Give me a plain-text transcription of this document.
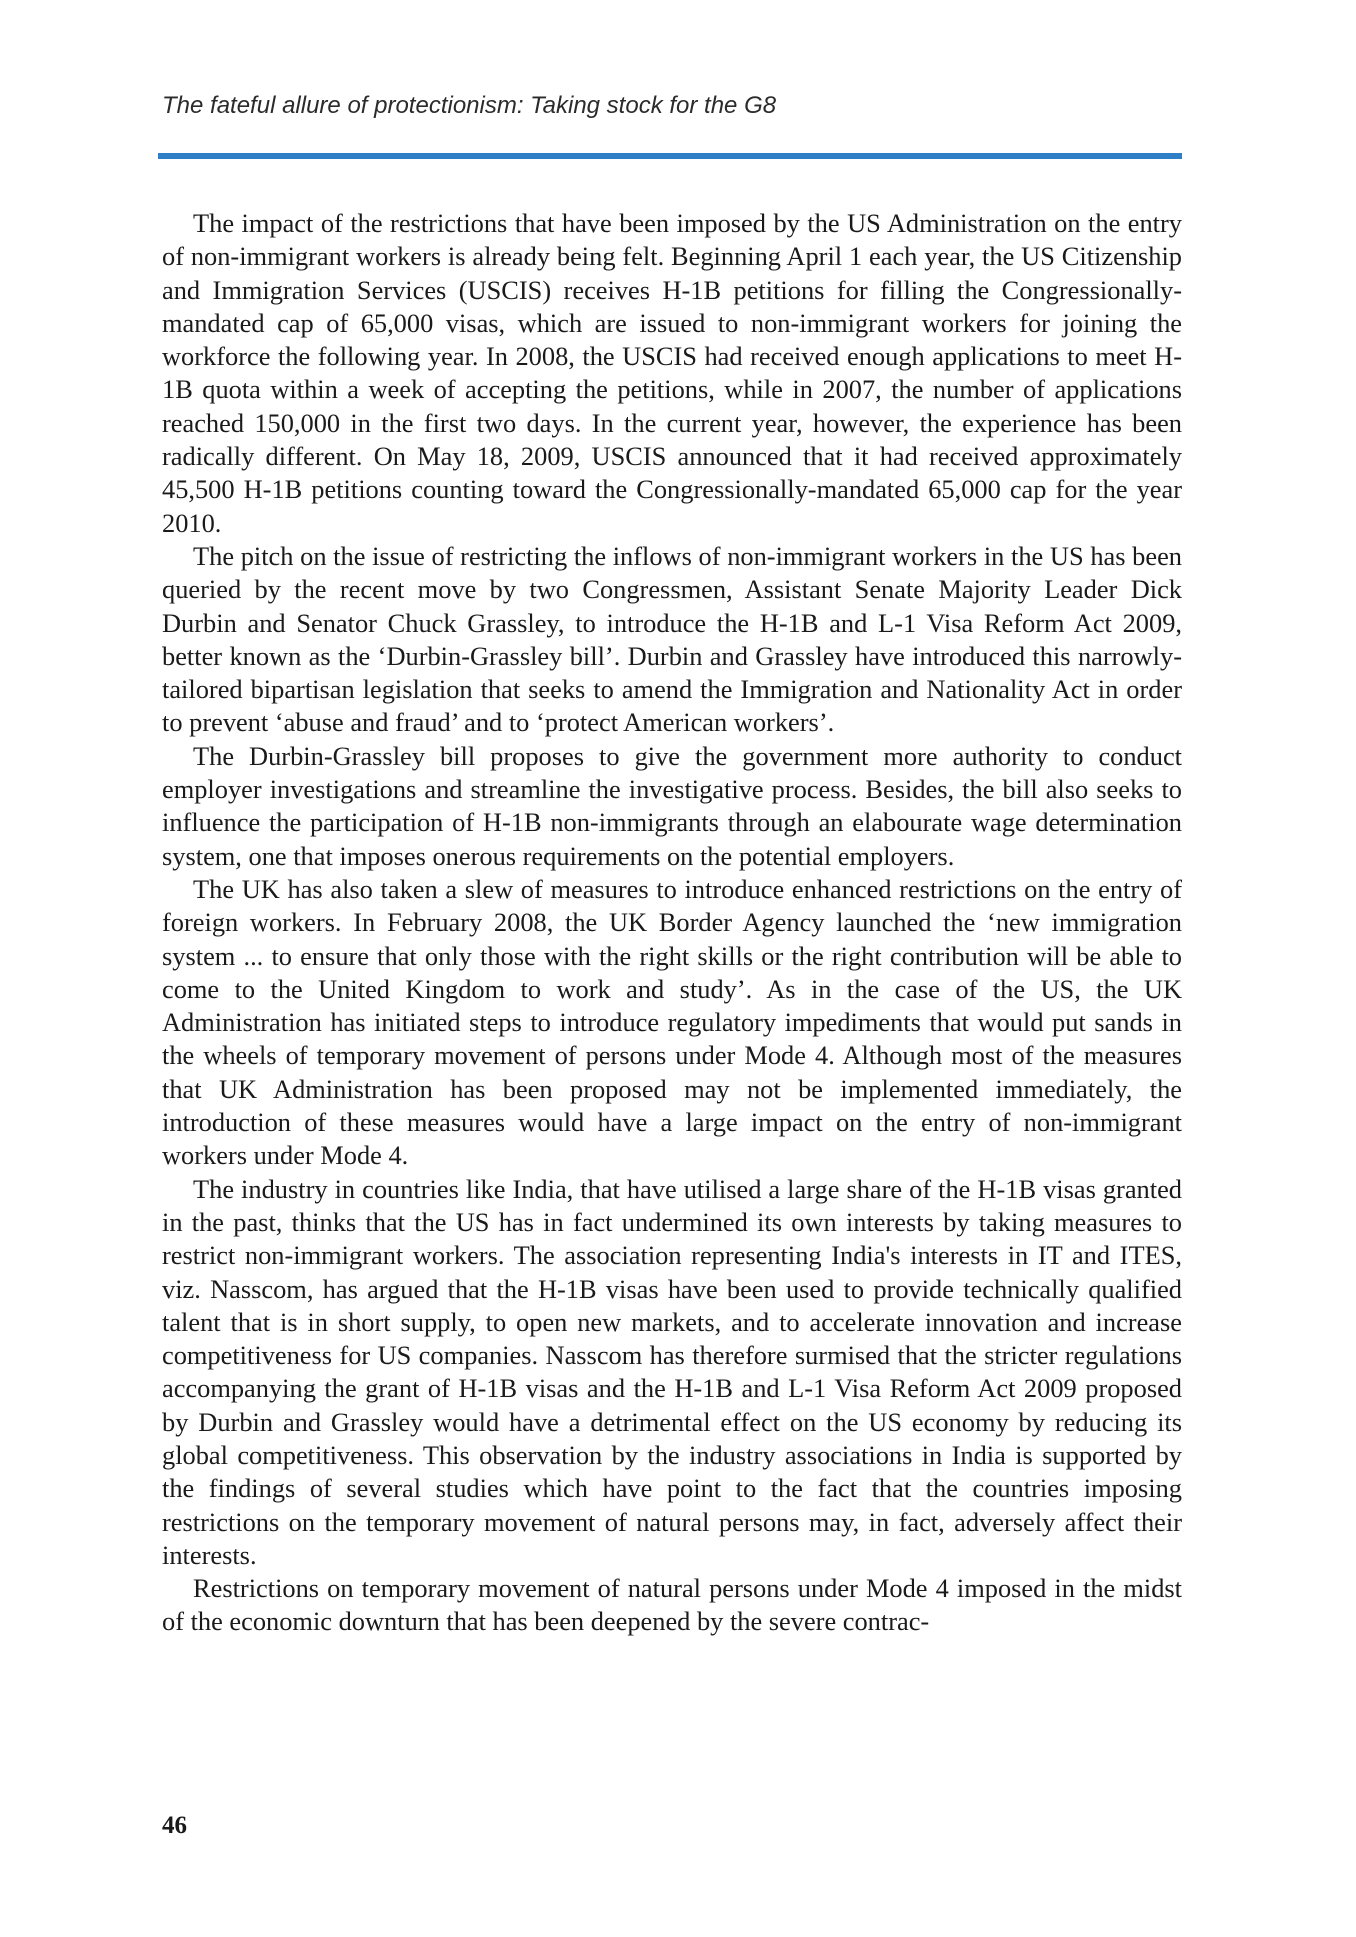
The fateful allure of protectionism: Taking stock for the G8

The impact of the restrictions that have been imposed by the US Administration on the entry of non-immigrant workers is already being felt. Beginning April 1 each year, the US Citizenship and Immigration Services (USCIS) receives H-1B petitions for filling the Congressionally-mandated cap of 65,000 visas, which are issued to non-immigrant workers for joining the workforce the following year. In 2008, the USCIS had received enough applications to meet H-1B quota within a week of accepting the petitions, while in 2007, the number of applications reached 150,000 in the first two days. In the current year, however, the experience has been radically different. On May 18, 2009, USCIS announced that it had received approximately 45,500 H-1B petitions counting toward the Congressionally-mandated 65,000 cap for the year 2010.

The pitch on the issue of restricting the inflows of non-immigrant workers in the US has been queried by the recent move by two Congressmen, Assistant Senate Majority Leader Dick Durbin and Senator Chuck Grassley, to introduce the H-1B and L-1 Visa Reform Act 2009, better known as the ‘Durbin-Grassley bill’. Durbin and Grassley have introduced this narrowly-tailored bipartisan legislation that seeks to amend the Immigration and Nationality Act in order to prevent ‘abuse and fraud’ and to ‘protect American workers’.

The Durbin-Grassley bill proposes to give the government more authority to conduct employer investigations and streamline the investigative process. Besides, the bill also seeks to influence the participation of H-1B non-immigrants through an elabourate wage determination system, one that imposes onerous requirements on the potential employers.

The UK has also taken a slew of measures to introduce enhanced restrictions on the entry of foreign workers. In February 2008, the UK Border Agency launched the ‘new immigration system ... to ensure that only those with the right skills or the right contribution will be able to come to the United Kingdom to work and study’. As in the case of the US, the UK Administration has initiated steps to introduce regulatory impediments that would put sands in the wheels of temporary movement of persons under Mode 4. Although most of the measures that UK Administration has been proposed may not be implemented immediately, the introduction of these measures would have a large impact on the entry of non-immigrant workers under Mode 4.

The industry in countries like India, that have utilised a large share of the H-1B visas granted in the past, thinks that the US has in fact undermined its own interests by taking measures to restrict non-immigrant workers. The association representing India's interests in IT and ITES, viz. Nasscom, has argued that the H-1B visas have been used to provide technically qualified talent that is in short supply, to open new markets, and to accelerate innovation and increase competitiveness for US companies. Nasscom has therefore surmised that the stricter regulations accompanying the grant of H-1B visas and the H-1B and L-1 Visa Reform Act 2009 proposed by Durbin and Grassley would have a detrimental effect on the US economy by reducing its global competitiveness. This observation by the industry associations in India is supported by the findings of several studies which have point to the fact that the countries imposing restrictions on the temporary movement of natural persons may, in fact, adversely affect their interests.

Restrictions on temporary movement of natural persons under Mode 4 imposed in the midst of the economic downturn that has been deepened by the severe contrac-

46
